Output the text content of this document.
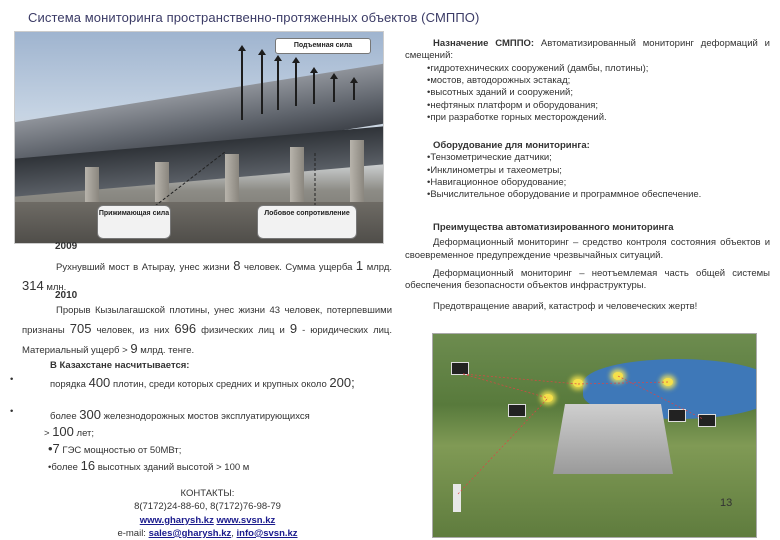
Система мониторинга пространственно-протяженных объектов (СМППО)
Подъемная сила
Прижимающая сила	Лобовое сопротивление
2009
Рухнувший мост в Атырау, унес жизни 8 человек. Сумма ущерба 1 млрд. 314 млн.
2010
Прорыв Кызылагашской плотины, унес жизни 43 человек, потерпевшими признаны 705 человек, из них 696 физических лиц и 9 - юридических лиц. Материальный ущерб > 9 млрд. тенге.
В Казахстане насчитывается:
•	порядка 400 плотин, среди которых средних и крупных около 200;
•	более 300 железнодорожных мостов эксплуатирующихся
> 100 лет;
•7 ГЭС мощностью от 50МВт;
•более 16 высотных зданий высотой > 100 м
КОНТАКТЫ:
8(7172)24-88-60, 8(7172)76-98-79
www.gharysh.kz www.svsn.kz
e-mail: sales@gharysh.kz, info@svsn.kz
Назначение СМППО: Автоматизированный мониторинг деформаций и смещений:
•гидротехнических сооружений (дамбы, плотины);
•мостов, автодорожных эстакад;
•высотных зданий и сооружений;
•нефтяных платформ и оборудования;
•при разработке горных месторождений.
Оборудование для мониторинга:
•Тензометрические датчики;
•Инклинометры и тахеометры;
•Навигационное оборудование;
•Вычислительное оборудование и программное обеспечение.
Преимущества автоматизированного мониторинга
Деформационный мониторинг – средство контроля состояния объектов и своевременное предупреждение чрезвычайных ситуаций.
Деформационный мониторинг – неотъемлемая часть общей системы обеспечения безопасности объектов инфраструктуры.
Предотвращение аварий, катастроф и человеческих жертв!
13
